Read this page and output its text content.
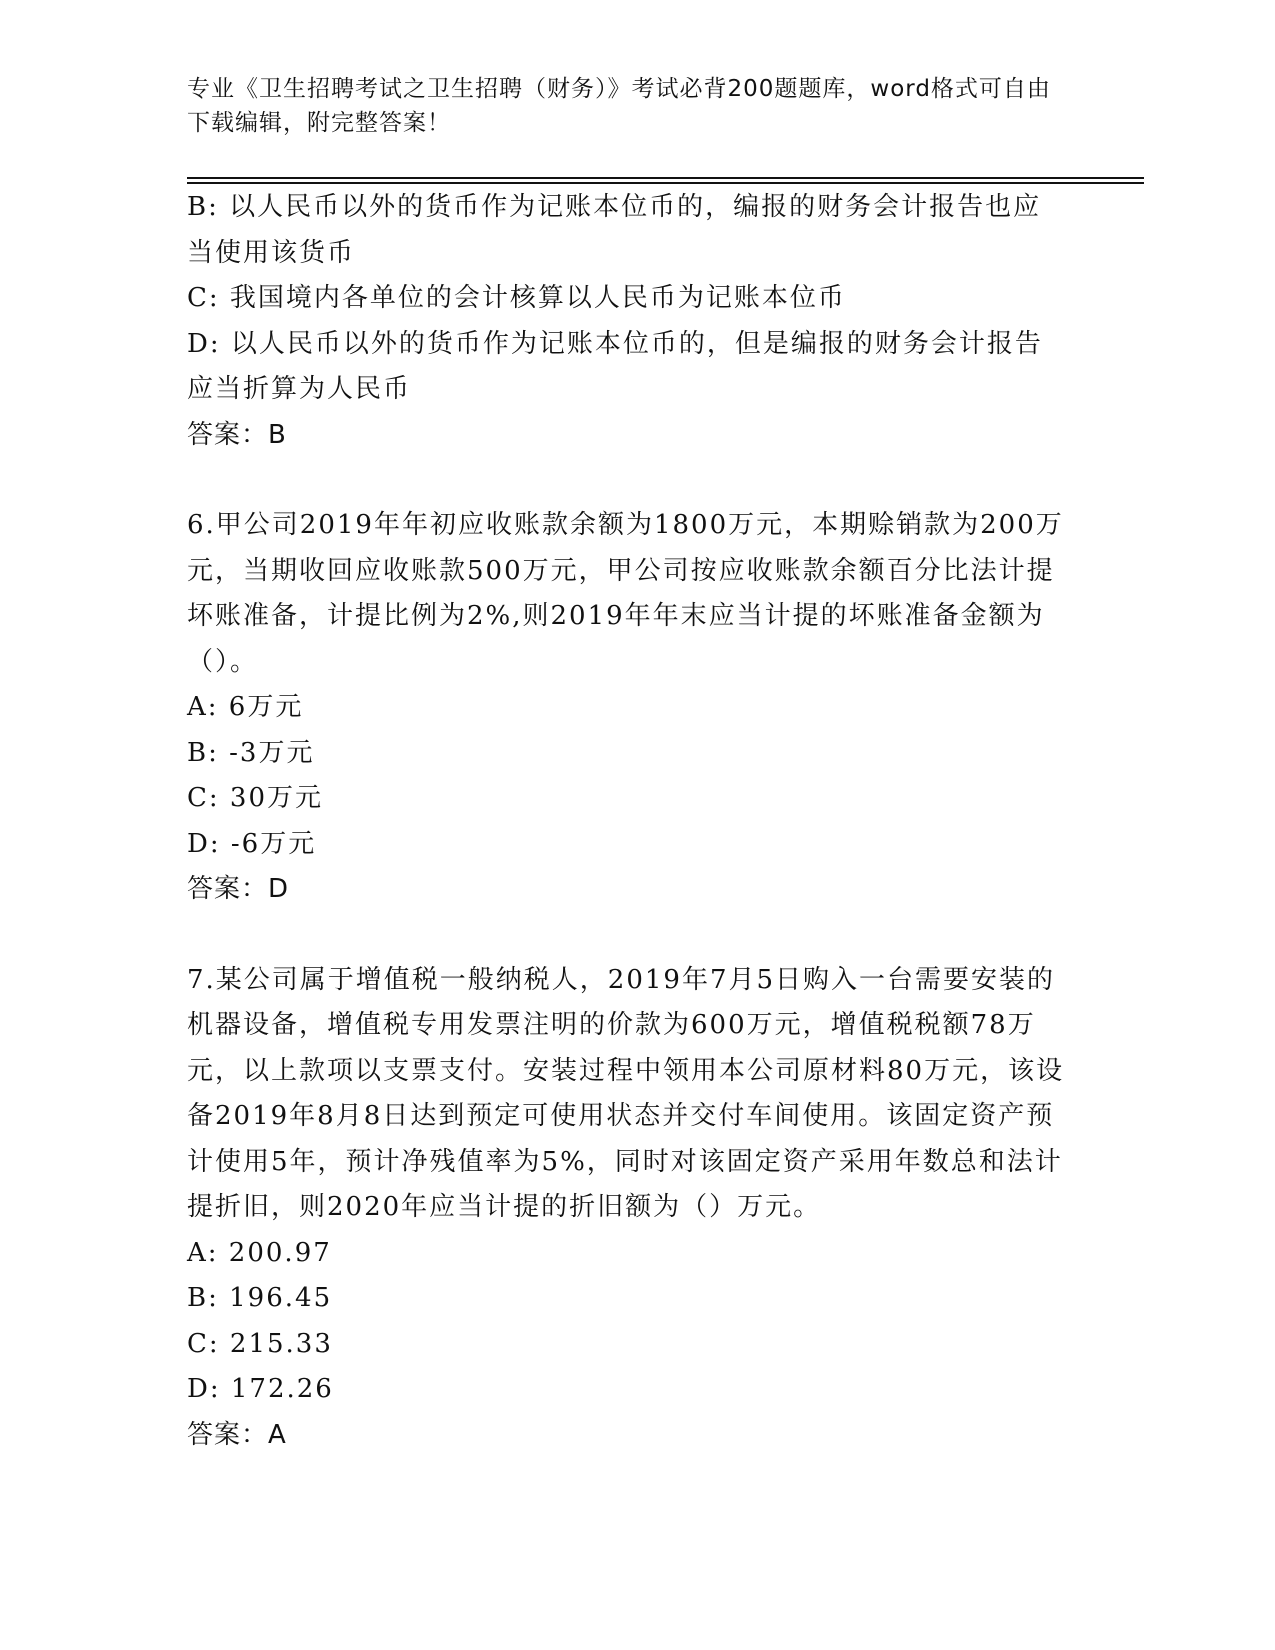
专业《卫生招聘考试之卫生招聘（财务）》考试必背200题题库，word格式可自由下载编辑，附完整答案！
B: 以人民币以外的货币作为记账本位币的，编报的财务会计报告也应当使用该货币
C: 我国境内各单位的会计核算以人民币为记账本位币
D: 以人民币以外的货币作为记账本位币的，但是编报的财务会计报告应当折算为人民币
答案：B
6.甲公司2019年年初应收账款余额为1800万元，本期赊销款为200万元，当期收回应收账款500万元，甲公司按应收账款余额百分比法计提坏账准备，计提比例为2%,则2019年年末应当计提的坏账准备金额为（）。
A: 6万元
B: -3万元
C: 30万元
D: -6万元
答案：D
7.某公司属于增值税一般纳税人，2019年7月5日购入一台需要安装的机器设备，增值税专用发票注明的价款为600万元，增值税税额78万元，以上款项以支票支付。安装过程中领用本公司原材料80万元，该设备2019年8月8日达到预定可使用状态并交付车间使用。该固定资产预计使用5年，预计净残值率为5%，同时对该固定资产采用年数总和法计提折旧，则2020年应当计提的折旧额为（）万元。
A: 200.97
B: 196.45
C: 215.33
D: 172.26
答案：A
